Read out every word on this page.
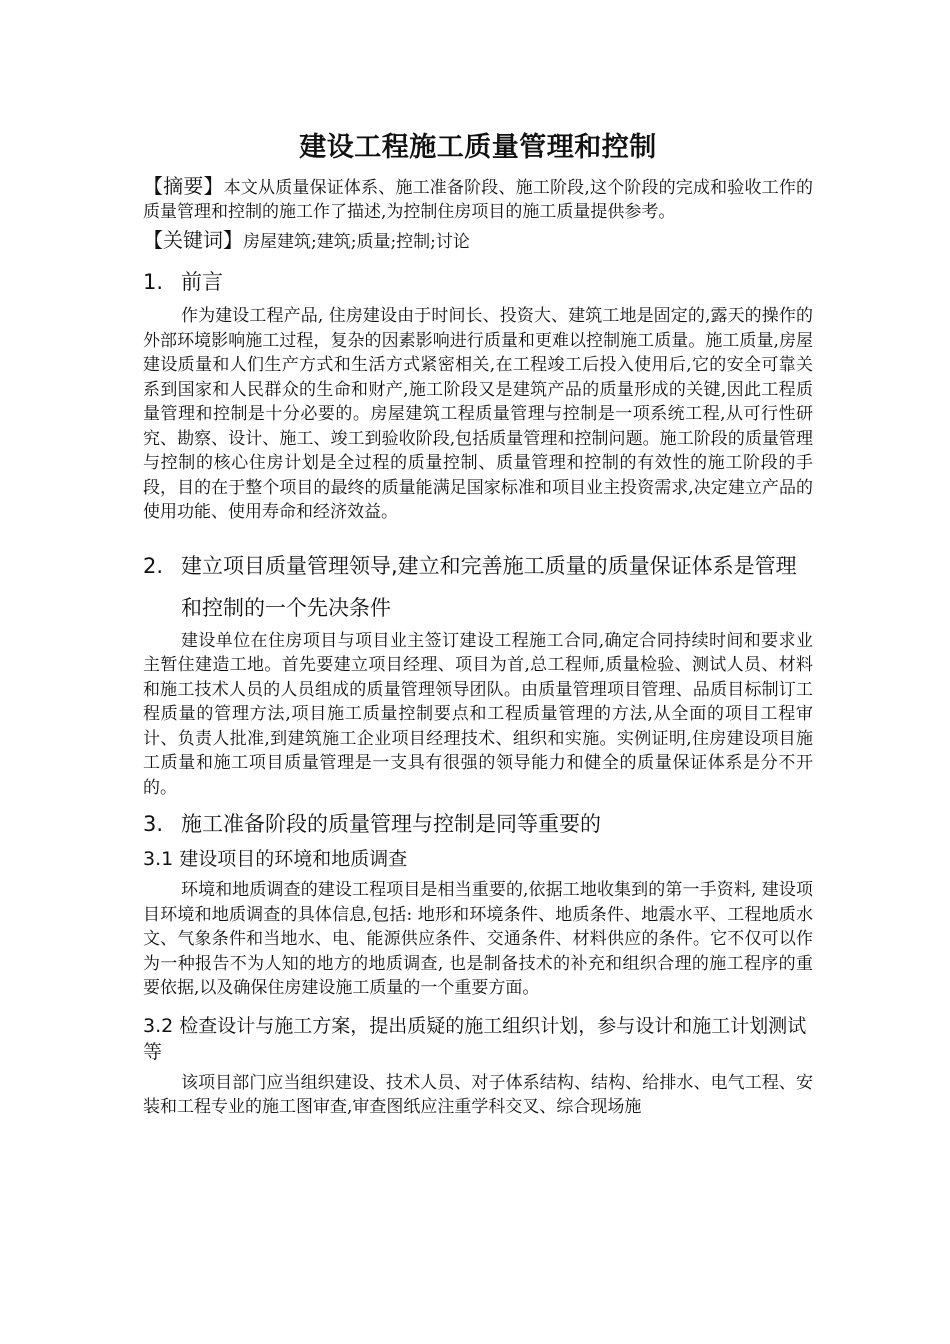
建设工程施工质量管理和控制

【摘要】本文从质量保证体系、施工准备阶段、施工阶段,这个阶段的完成和验收工作的质量管理和控制的施工作了描述,为控制住房项目的施工质量提供参考。

【关键词】房屋建筑;建筑;质量;控制;讨论

1. 前言

作为建设工程产品, 住房建设由于时间长、投资大、建筑工地是固定的,露天的操作的外部环境影响施工过程，复杂的因素影响进行质量和更难以控制施工质量。施工质量,房屋建设质量和人们生产方式和生活方式紧密相关,在工程竣工后投入使用后,它的安全可靠关系到国家和人民群众的生命和财产,施工阶段又是建筑产品的质量形成的关键,因此工程质量管理和控制是十分必要的。房屋建筑工程质量管理与控制是一项系统工程,从可行性研究、勘察、设计、施工、竣工到验收阶段,包括质量管理和控制问题。施工阶段的质量管理与控制的核心住房计划是全过程的质量控制、质量管理和控制的有效性的施工阶段的手段，目的在于整个项目的最终的质量能满足国家标准和项目业主投资需求,决定建立产品的使用功能、使用寿命和经济效益。

2. 建立项目质量管理领导,建立和完善施工质量的质量保证体系是管理和控制的一个先决条件

建设单位在住房项目与项目业主签订建设工程施工合同,确定合同持续时间和要求业主暂住建造工地。首先要建立项目经理、项目为首,总工程师,质量检验、测试人员、材料和施工技术人员的人员组成的质量管理领导团队。由质量管理项目管理、品质目标制订工程质量的管理方法,项目施工质量控制要点和工程质量管理的方法,从全面的项目工程审计、负责人批准,到建筑施工企业项目经理技术、组织和实施。实例证明,住房建设项目施工质量和施工项目质量管理是一支具有很强的领导能力和健全的质量保证体系是分不开的。

3. 施工准备阶段的质量管理与控制是同等重要的
3.1 建设项目的环境和地质调查

环境和地质调查的建设工程项目是相当重要的,依据工地收集到的第一手资料, 建设项目环境和地质调查的具体信息,包括: 地形和环境条件、地质条件、地震水平、工程地质水文、气象条件和当地水、电、能源供应条件、交通条件、材料供应的条件。它不仅可以作为一种报告不为人知的地方的地质调查, 也是制备技术的补充和组织合理的施工程序的重要依据,以及确保住房建设施工质量的一个重要方面。

3.2 检查设计与施工方案，提出质疑的施工组织计划，参与设计和施工计划测试等

该项目部门应当组织建设、技术人员、对子体系结构、结构、给排水、电气工程、安装和工程专业的施工图审查,审查图纸应注重学科交叉、综合现场施
